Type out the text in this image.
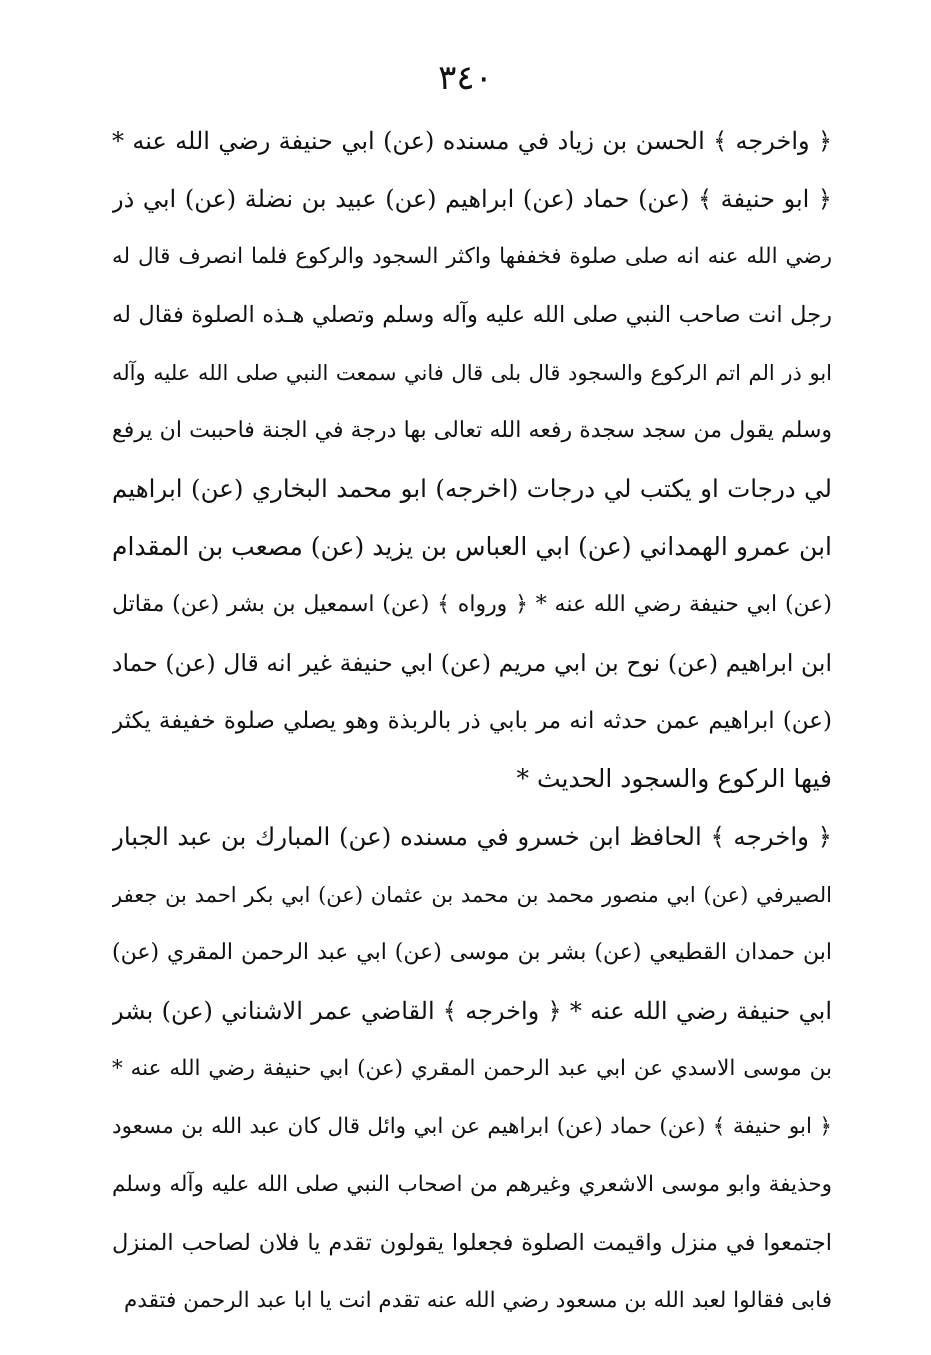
٣٤٠
﴿ واخرجه ﴾ الحسن بن زياد في مسنده (عن) ابي حنيفة رضي الله عنه *
﴿ ابو حنيفة ﴾ (عن) حماد (عن) ابراهيم (عن) عبيد بن نضلة (عن) ابي ذر
رضي الله عنه انه صلى صلوة فخففها واكثر السجود والركوع فلما انصرف قال له
رجل انت صاحب النبي صلى الله عليه وآله وسلم وتصلي هـذه الصلوة فقال له
ابو ذر الم اتم الركوع والسجود قال بلى قال فاني سمعت النبي صلى الله عليه وآله
وسلم يقول من سجد سجدة رفعه الله تعالى بها درجة في الجنة فاحببت ان يرفع
لي درجات او يكتب لي درجات (اخرجه) ابو محمد البخاري (عن) ابراهيم
ابن عمرو الهمداني (عن) ابي العباس بن يزيد (عن) مصعب بن المقدام
(عن) ابي حنيفة رضي الله عنه * ﴿ ورواه ﴾ (عن) اسمعيل بن بشر (عن) مقاتل
ابن ابراهيم (عن) نوح بن ابي مريم (عن) ابي حنيفة غير انه قال (عن) حماد
(عن) ابراهيم عمن حدثه انه مر بابي ذر بالربذة وهو يصلي صلوة خفيفة يكثر
فيها الركوع والسجود الحديث *
﴿ واخرجه ﴾ الحافظ ابن خسرو في مسنده (عن) المبارك بن عبد الجبار
الصيرفي (عن) ابي منصور محمد بن محمد بن عثمان (عن) ابي بكر احمد بن جعفر
ابن حمدان القطيعي (عن) بشر بن موسى (عن) ابي عبد الرحمن المقري (عن)
ابي حنيفة رضي الله عنه * ﴿ واخرجه ﴾ القاضي عمر الاشناني (عن) بشر
بن موسى الاسدي عن ابي عبد الرحمن المقري (عن) ابي حنيفة رضي الله عنه *
﴿ ابو حنيفة ﴾ (عن) حماد (عن) ابراهيم عن ابي وائل قال كان عبد الله بن مسعود
وحذيفة وابو موسى الاشعري وغيرهم من اصحاب النبي صلى الله عليه وآله وسلم
اجتمعوا في منزل واقيمت الصلوة فجعلوا يقولون تقدم يا فلان لصاحب المنزل
فابى فقالوا لعبد الله بن مسعود رضي الله عنه تقدم انت يا ابا عبد الرحمن فتقدم
